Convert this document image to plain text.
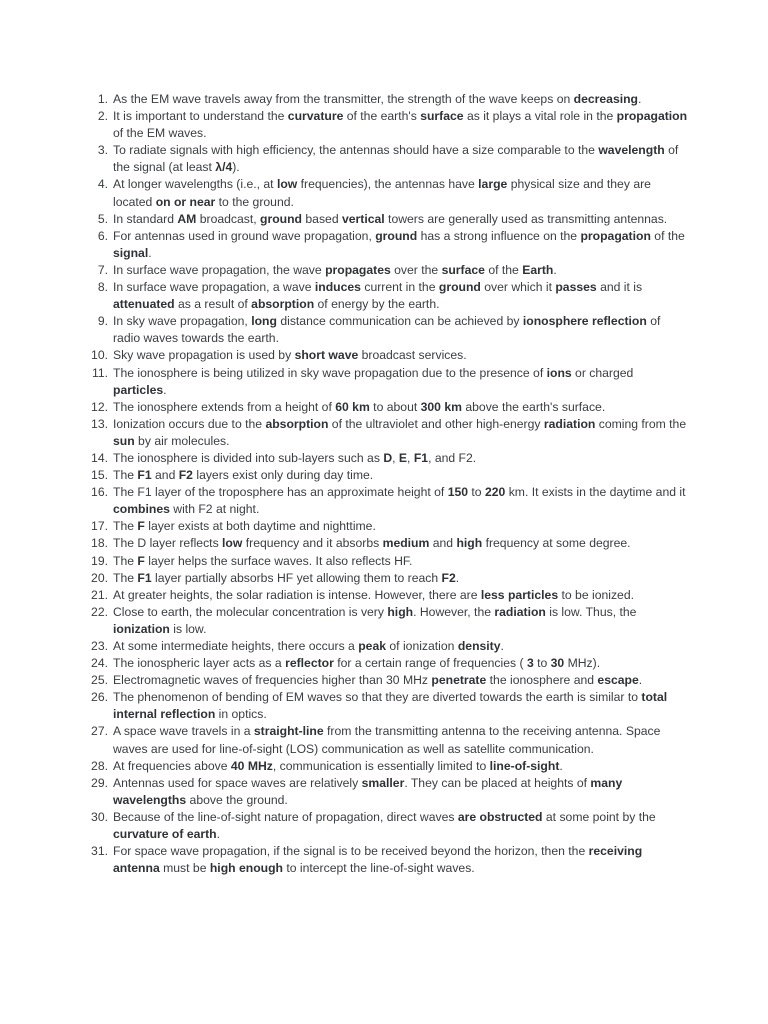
1. As the EM wave travels away from the transmitter, the strength of the wave keeps on decreasing.
2. It is important to understand the curvature of the earth's surface as it plays a vital role in the propagation of the EM waves.
3. To radiate signals with high efficiency, the antennas should have a size comparable to the wavelength of the signal (at least λ/4).
4. At longer wavelengths (i.e., at low frequencies), the antennas have large physical size and they are located on or near to the ground.
5. In standard AM broadcast, ground based vertical towers are generally used as transmitting antennas.
6. For antennas used in ground wave propagation, ground has a strong influence on the propagation of the signal.
7. In surface wave propagation, the wave propagates over the surface of the Earth.
8. In surface wave propagation, a wave induces current in the ground over which it passes and it is attenuated as a result of absorption of energy by the earth.
9. In sky wave propagation, long distance communication can be achieved by ionosphere reflection of radio waves towards the earth.
10. Sky wave propagation is used by short wave broadcast services.
11. The ionosphere is being utilized in sky wave propagation due to the presence of ions or charged particles.
12. The ionosphere extends from a height of 60 km to about 300 km above the earth's surface.
13. Ionization occurs due to the absorption of the ultraviolet and other high-energy radiation coming from the sun by air molecules.
14. The ionosphere is divided into sub-layers such as D, E, F1, and F2.
15. The F1 and F2 layers exist only during day time.
16. The F1 layer of the troposphere has an approximate height of 150 to 220 km. It exists in the daytime and it combines with F2 at night.
17. The F layer exists at both daytime and nighttime.
18. The D layer reflects low frequency and it absorbs medium and high frequency at some degree.
19. The F layer helps the surface waves. It also reflects HF.
20. The F1 layer partially absorbs HF yet allowing them to reach F2.
21. At greater heights, the solar radiation is intense. However, there are less particles to be ionized.
22. Close to earth, the molecular concentration is very high. However, the radiation is low. Thus, the ionization is low.
23. At some intermediate heights, there occurs a peak of ionization density.
24. The ionospheric layer acts as a reflector for a certain range of frequencies ( 3 to 30 MHz).
25. Electromagnetic waves of frequencies higher than 30 MHz penetrate the ionosphere and escape.
26. The phenomenon of bending of EM waves so that they are diverted towards the earth is similar to total internal reflection in optics.
27. A space wave travels in a straight-line from the transmitting antenna to the receiving antenna. Space waves are used for line-of-sight (LOS) communication as well as satellite communication.
28. At frequencies above 40 MHz, communication is essentially limited to line-of-sight.
29. Antennas used for space waves are relatively smaller. They can be placed at heights of many wavelengths above the ground.
30. Because of the line-of-sight nature of propagation, direct waves are obstructed at some point by the curvature of earth.
31. For space wave propagation, if the signal is to be received beyond the horizon, then the receiving antenna must be high enough to intercept the line-of-sight waves.
